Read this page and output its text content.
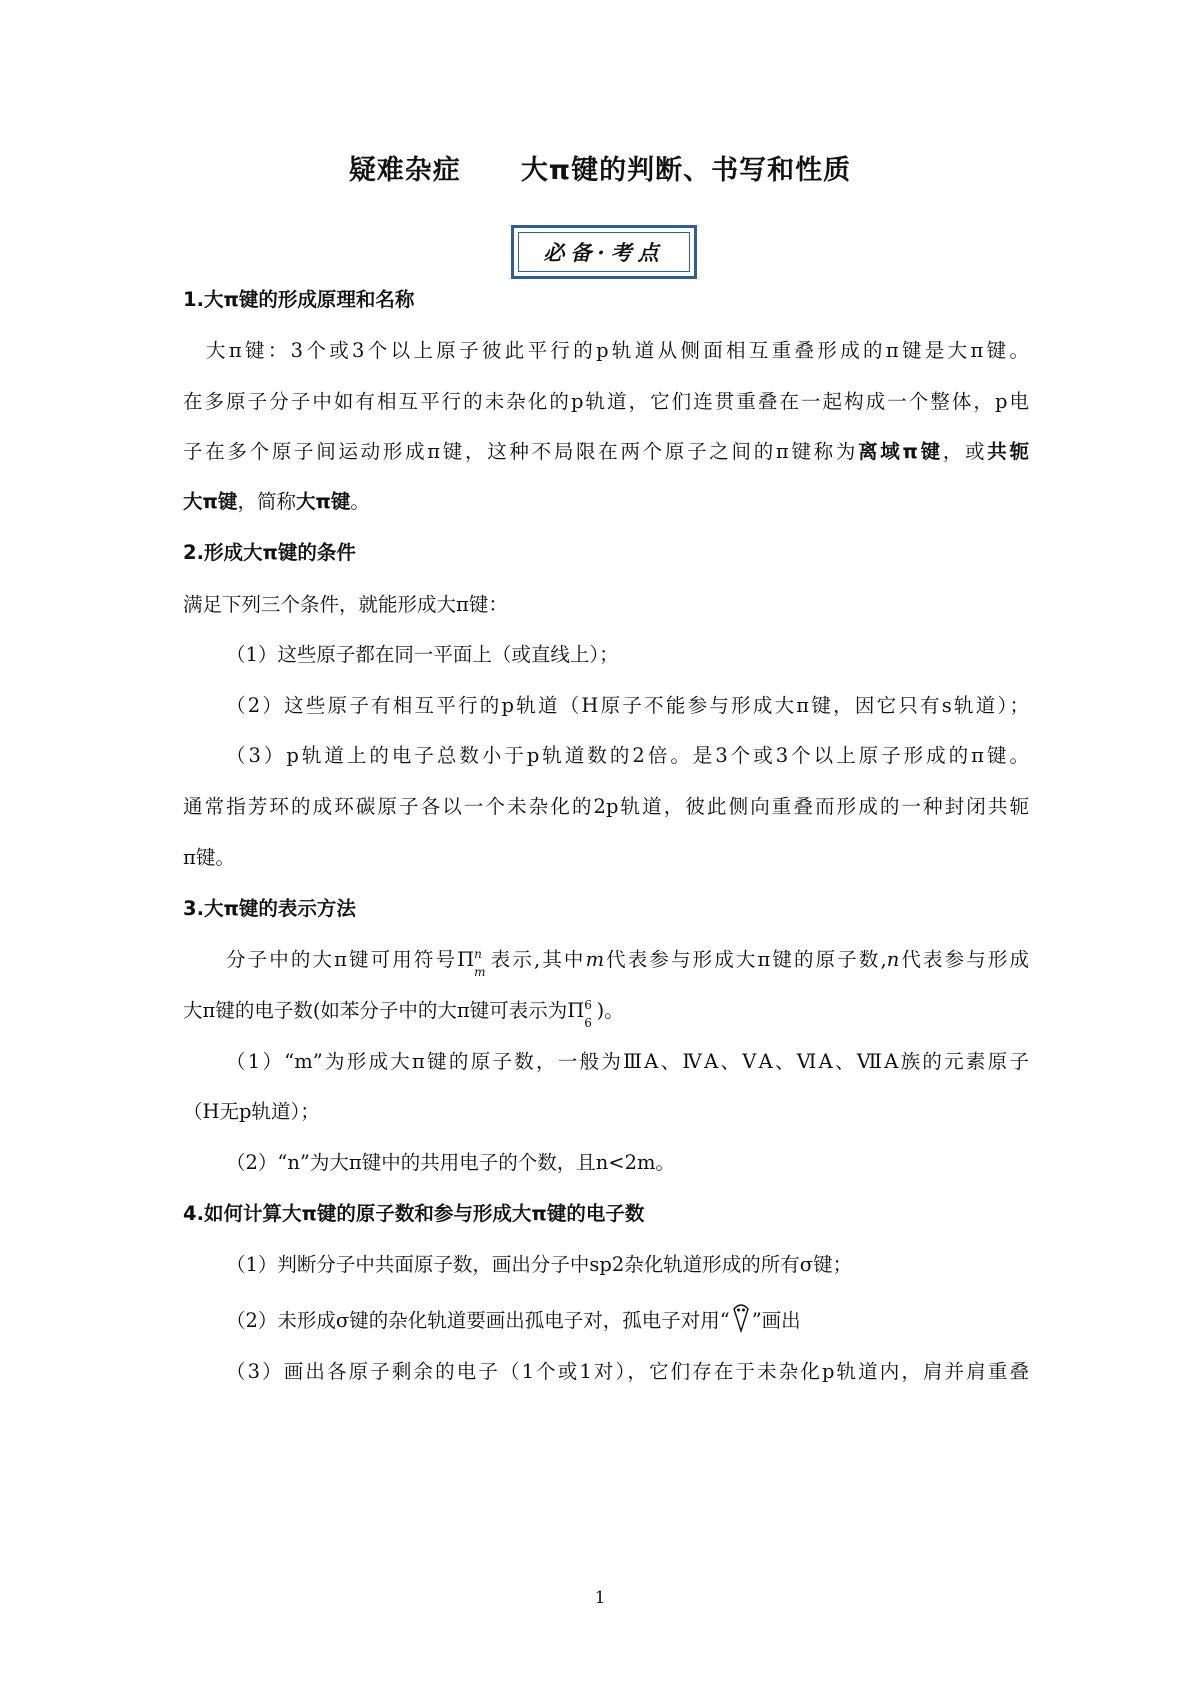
疑难杂症 大π键的判断、书写和性质
必备·考点
1.大π键的形成原理和名称
大π键：3个或3个以上原子彼此平行的p轨道从侧面相互重叠形成的π键是大π键。
在多原子分子中如有相互平行的未杂化的p轨道，它们连贯重叠在一起构成一个整体，p电
子在多个原子间运动形成π键，这种不局限在两个原子之间的π键称为离域π键，或共轭
大π键，简称大π键。
2.形成大π键的条件
满足下列三个条件，就能形成大π键：
（1）这些原子都在同一平面上（或直线上）；
（2）这些原子有相互平行的p轨道（H原子不能参与形成大π键，因它只有s轨道）；
（3）p轨道上的电子总数小于p轨道数的2倍。是3个或3个以上原子形成的π键。
通常指芳环的成环碳原子各以一个未杂化的2p轨道，彼此侧向重叠而形成的一种封闭共轭
π键。
3.大π键的表示方法
分子中的大π键可用符号Π n
m
表示,其中m代表参与形成大π键的原子数,n代表参与形成
大π键的电子数(如苯分子中的大π键可表示为Π 6
6
)。
（1）“m”为形成大π键的原子数，一般为ⅢA、ⅣA、ⅤA、ⅥA、ⅦA族的元素原子
（H无p轨道）；
（2）“n”为大π键中的共用电子的个数，且n<2m。
4.如何计算大π键的原子数和参与形成大π键的电子数
（1）判断分子中共面原子数，画出分子中sp2杂化轨道形成的所有σ键；
（2）未形成σ键的杂化轨道要画出孤电子对，孤电子对用“ ”画出
（3）画出各原子剩余的电子（1个或1对），它们存在于未杂化p轨道内，肩并肩重叠
1
